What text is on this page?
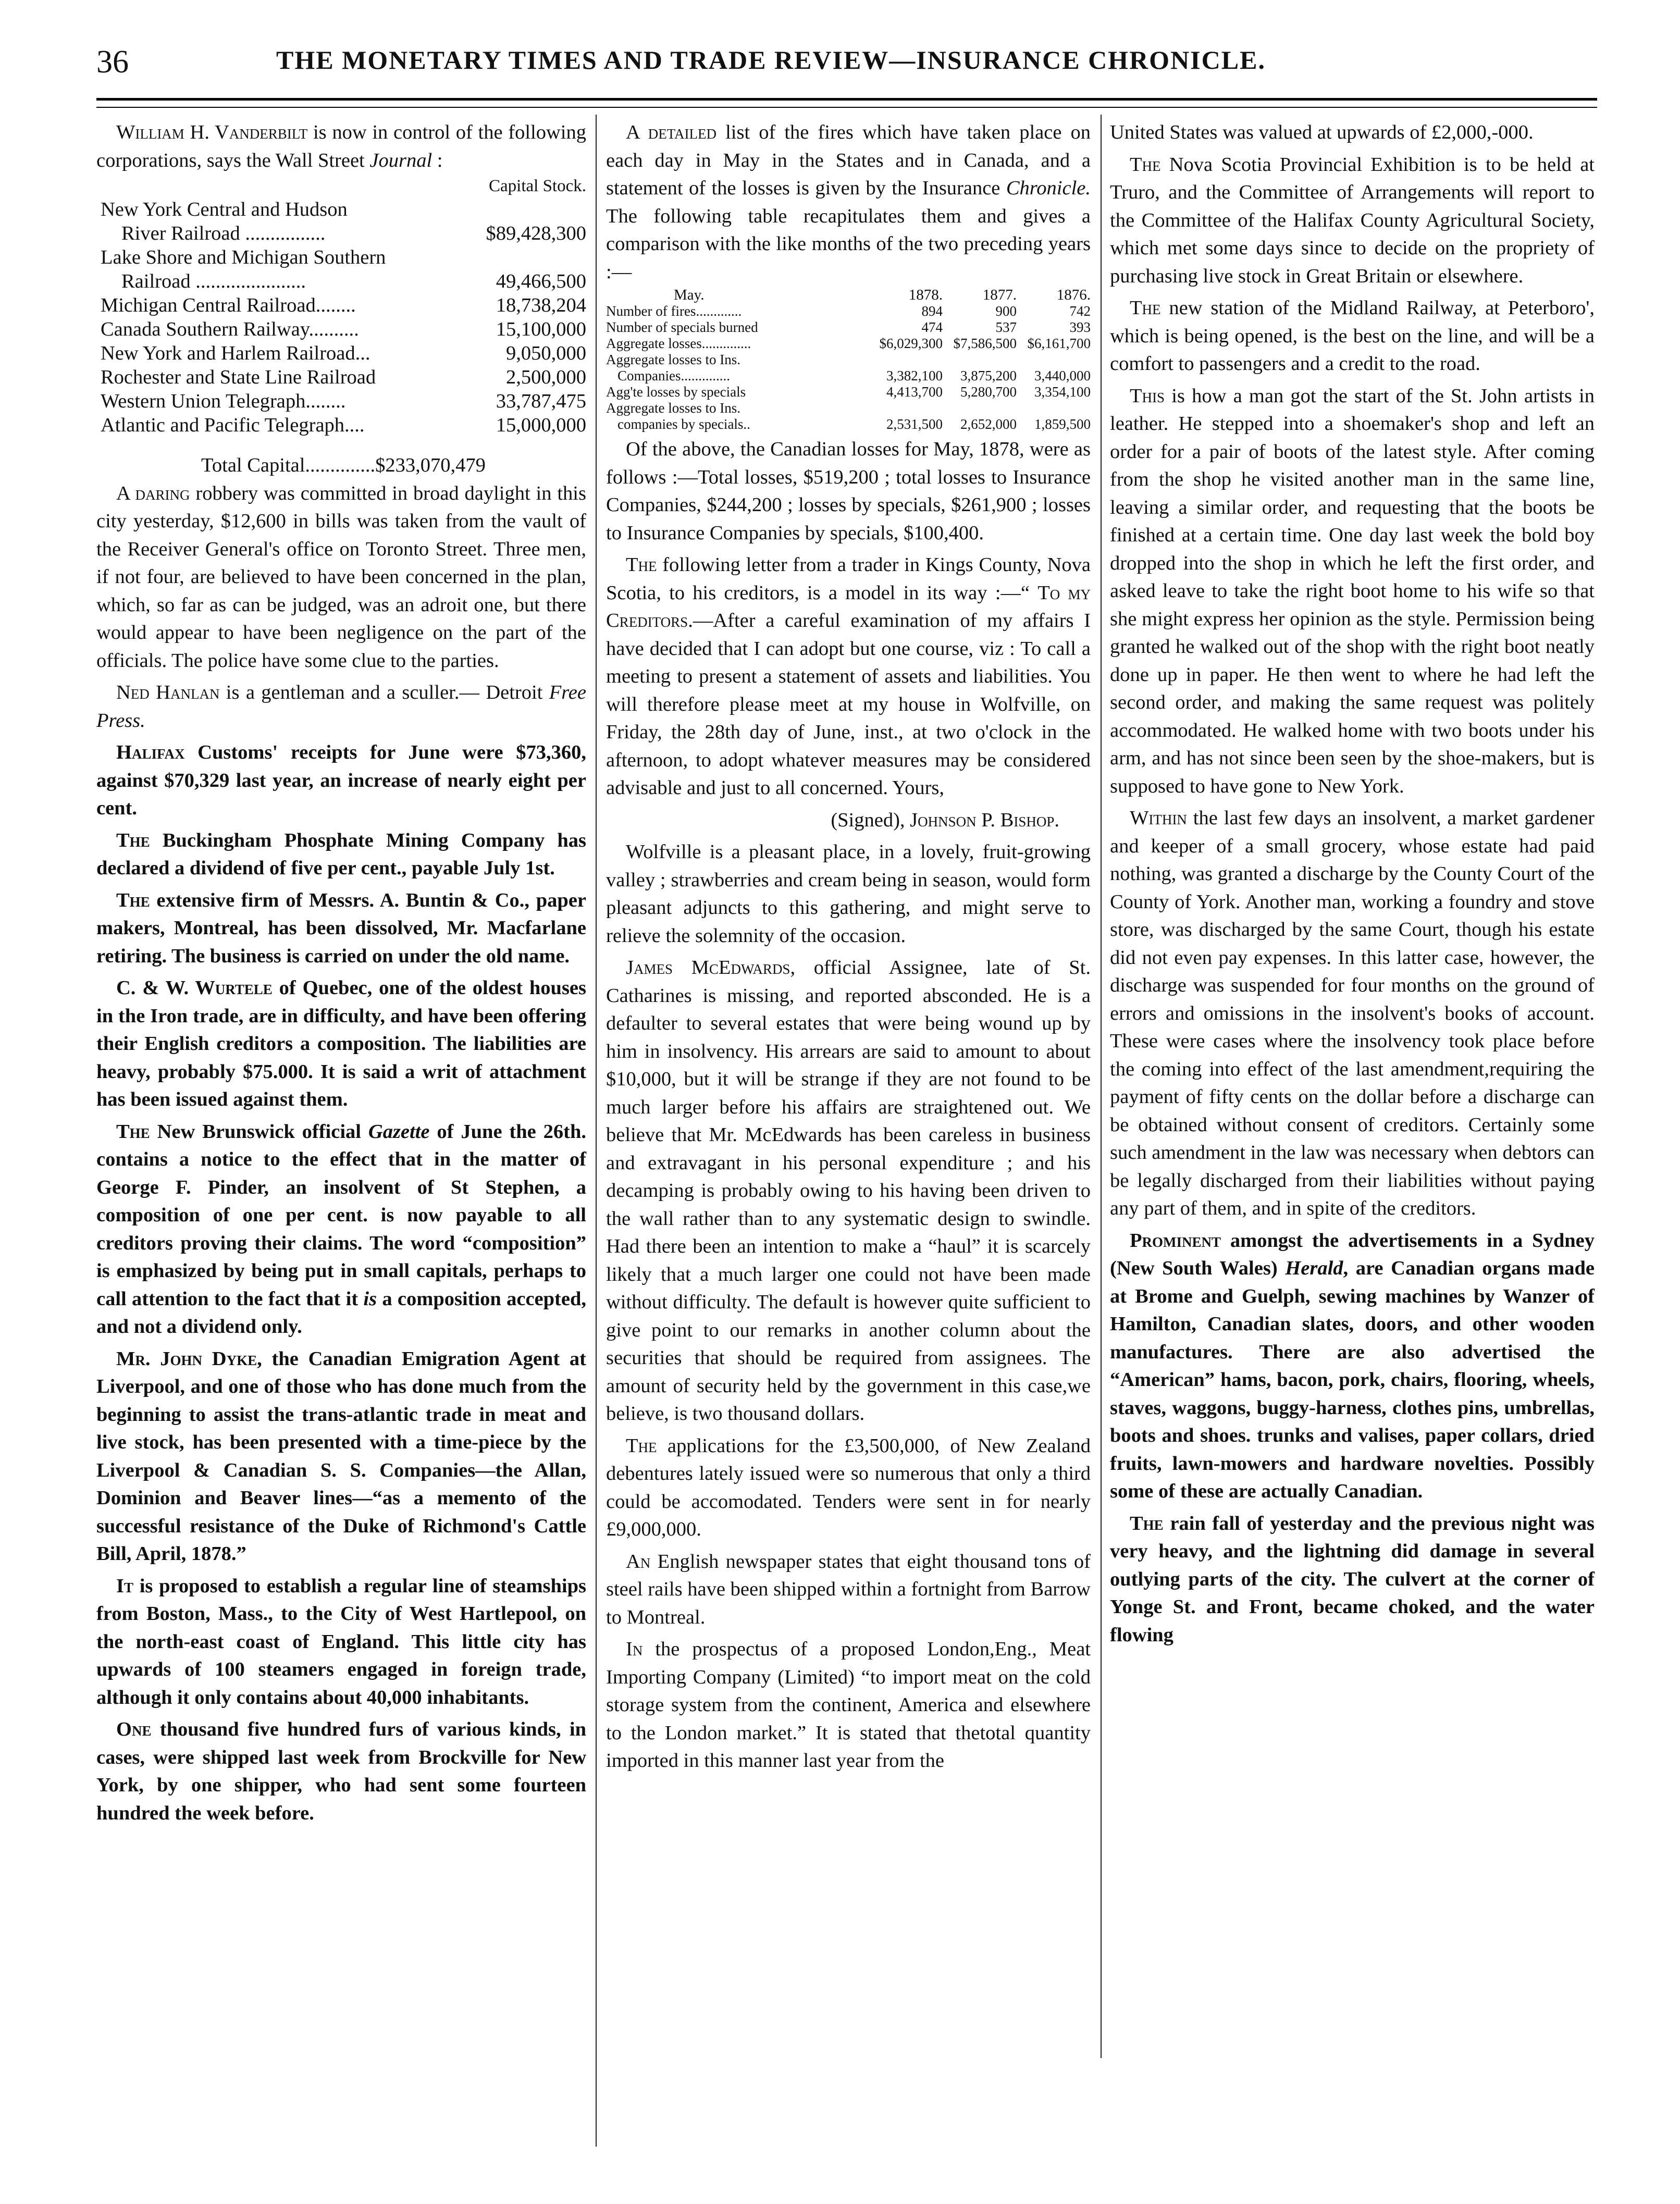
36	THE MONETARY TIMES AND TRADE REVIEW—INSURANCE CHRONICLE.

William H. Vanderbilt is now in control of the following corporations, says the Wall Street Journal :

Capital Stock.
New York Central and Hudson
River Railroad ................	$89,428,300
Lake Shore and Michigan Southern
Railroad ......................	49,466,500
Michigan Central Railroad........	18,738,204
Canada Southern Railway..........	15,100,000
New York and Harlem Railroad...	9,050,000
Rochester and State Line Railroad	2,500,000
Western Union Telegraph........	33,787,475
Atlantic and Pacific Telegraph....	15,000,000
Total Capital..............$233,070,479

A daring robbery was committed in broad daylight in this city yesterday, $12,600 in bills was taken from the vault of the Receiver General's office on Toronto Street. Three men, if not four, are believed to have been concerned in the plan, which, so far as can be judged, was an adroit one, but there would appear to have been negligence on the part of the officials. The police have some clue to the parties.

Ned Hanlan is a gentleman and a sculler.— Detroit Free Press.

Halifax Customs' receipts for June were $73,360, against $70,329 last year, an increase of nearly eight per cent.

The Buckingham Phosphate Mining Company has declared a dividend of five per cent., payable July 1st.

The extensive firm of Messrs. A. Buntin & Co., paper makers, Montreal, has been dissolved, Mr. Macfarlane retiring. The business is carried on under the old name.

C. & W. Wurtele of Quebec, one of the oldest houses in the Iron trade, are in difficulty, and have been offering their English creditors a composition. The liabilities are heavy, probably $75.000. It is said a writ of attachment has been issued against them.

The New Brunswick official Gazette of June the 26th. contains a notice to the effect that in the matter of George F. Pinder, an insolvent of St Stephen, a composition of one per cent. is now payable to all creditors proving their claims. The word “composition” is emphasized by being put in small capitals, perhaps to call attention to the fact that it is a composition accepted, and not a dividend only.

Mr. John Dyke, the Canadian Emigration Agent at Liverpool, and one of those who has done much from the beginning to assist the trans-atlantic trade in meat and live stock, has been presented with a time-piece by the Liverpool & Canadian S. S. Companies—the Allan, Dominion and Beaver lines—“as a memento of the successful resistance of the Duke of Richmond's Cattle Bill, April, 1878.”

It is proposed to establish a regular line of steamships from Boston, Mass., to the City of West Hartlepool, on the north-east coast of England. This little city has upwards of 100 steamers engaged in foreign trade, although it only contains about 40,000 inhabitants.

One thousand five hundred furs of various kinds, in cases, were shipped last week from Brockville for New York, by one shipper, who had sent some fourteen hundred the week before.

A detailed list of the fires which have taken place on each day in May in the States and in Canada, and a statement of the losses is given by the Insurance Chronicle. The following table recapitulates them and gives a comparison with the like months of the two preceding years :—

May.	1878.	1877.	1876.
Number of fires.............	894	900	742
Number of specials burned	474	537	393
Aggregate losses..............	$6,029,300 $7,586,500 $6,161,700
Aggregate losses to Ins.
Companies..............	3,382,100	3,875,200	3,440,000
Agg'te losses by specials	4,413,700	5,280,700	3,354,100
Aggregate losses to Ins.
companies by specials..	2,531,500	2,652,000	1,859,500

Of the above, the Canadian losses for May, 1878, were as follows :—Total losses, $519,200 ; total losses to Insurance Companies, $244,200 ; losses by specials, $261,900 ; losses to Insurance Companies by specials, $100,400.

The following letter from a trader in Kings County, Nova Scotia, to his creditors, is a model in its way :—“ To my Creditors.—After a careful examination of my affairs I have decided that I can adopt but one course, viz : To call a meeting to present a statement of assets and liabilities. You will therefore please meet at my house in Wolfville, on Friday, the 28th day of June, inst., at two o'clock in the afternoon, to adopt whatever measures may be considered advisable and just to all concerned. Yours,

(Signed), Johnson P. Bishop.

Wolfville is a pleasant place, in a lovely, fruit-growing valley ; strawberries and cream being in season, would form pleasant adjuncts to this gathering, and might serve to relieve the solemnity of the occasion.

James McEdwards, official Assignee, late of St. Catharines is missing, and reported absconded. He is a defaulter to several estates that were being wound up by him in insolvency. His arrears are said to amount to about $10,000, but it will be strange if they are not found to be much larger before his affairs are straightened out. We believe that Mr. McEdwards has been careless in business and extravagant in his personal expenditure ; and his decamping is probably owing to his having been driven to the wall rather than to any systematic design to swindle. Had there been an intention to make a “haul” it is scarcely likely that a much larger one could not have been made without difficulty. The default is however quite sufficient to give point to our remarks in another column about the securities that should be required from assignees. The amount of security held by the government in this case,we believe, is two thousand dollars.

The applications for the £3,500,000, of New Zealand debentures lately issued were so numerous that only a third could be accomodated. Tenders were sent in for nearly £9,000,000.

An English newspaper states that eight thousand tons of steel rails have been shipped within a fortnight from Barrow to Montreal.

In the prospectus of a proposed London,Eng., Meat Importing Company (Limited) “to import meat on the cold storage system from the continent, America and elsewhere to the London market.” It is stated that thetotal quantity imported in this manner last year from the

United States was valued at upwards of £2,000,-000.

The Nova Scotia Provincial Exhibition is to be held at Truro, and the Committee of Arrangements will report to the Committee of the Halifax County Agricultural Society, which met some days since to decide on the propriety of purchasing live stock in Great Britain or elsewhere.

The new station of the Midland Railway, at Peterboro', which is being opened, is the best on the line, and will be a comfort to passengers and a credit to the road.

This is how a man got the start of the St. John artists in leather. He stepped into a shoemaker's shop and left an order for a pair of boots of the latest style. After coming from the shop he visited another man in the same line, leaving a similar order, and requesting that the boots be finished at a certain time. One day last week the bold boy dropped into the shop in which he left the first order, and asked leave to take the right boot home to his wife so that she might express her opinion as the style. Permission being granted he walked out of the shop with the right boot neatly done up in paper. He then went to where he had left the second order, and making the same request was politely accommodated. He walked home with two boots under his arm, and has not since been seen by the shoe-makers, but is supposed to have gone to New York.

Within the last few days an insolvent, a market gardener and keeper of a small grocery, whose estate had paid nothing, was granted a discharge by the County Court of the County of York. Another man, working a foundry and stove store, was discharged by the same Court, though his estate did not even pay expenses. In this latter case, however, the discharge was suspended for four months on the ground of errors and omissions in the insolvent's books of account. These were cases where the insolvency took place before the coming into effect of the last amendment,requiring the payment of fifty cents on the dollar before a discharge can be obtained without consent of creditors. Certainly some such amendment in the law was necessary when debtors can be legally discharged from their liabilities without paying any part of them, and in spite of the creditors.

Prominent amongst the advertisements in a Sydney (New South Wales) Herald, are Canadian organs made at Brome and Guelph, sewing machines by Wanzer of Hamilton, Canadian slates, doors, and other wooden manufactures. There are also advertised the “American” hams, bacon, pork, chairs, flooring, wheels, staves, waggons, buggy-harness, clothes pins, umbrellas, boots and shoes. trunks and valises, paper collars, dried fruits, lawn-mowers and hardware novelties. Possibly some of these are actually Canadian.

The rain fall of yesterday and the previous night was very heavy, and the lightning did damage in several outlying parts of the city. The culvert at the corner of Yonge St. and Front, became choked, and the water flowing
